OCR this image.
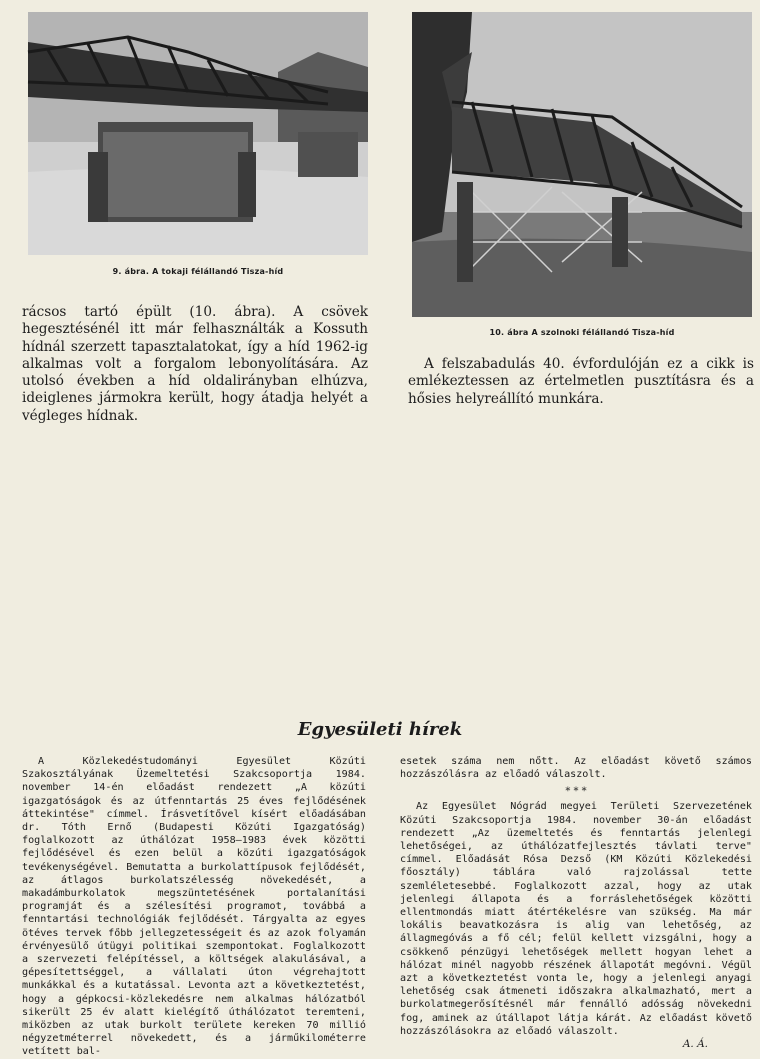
9. ábra. A tokaji félállandó Tisza-híd
10. ábra A szolnoki félállandó Tisza-híd
rácsos tartó épült (10. ábra). A csövek hegesztésénél itt már felhasználták a Kossuth hídnál szerzett tapasztalatokat, így a híd 1962-ig alkalmas volt a forgalom lebonyolítására. Az utolsó években a híd oldalirányban elhúzva, ideiglenes jármokra került, hogy átadja helyét a végleges hídnak.
A felszabadulás 40. évfordulóján ez a cikk is emlékeztessen az értelmetlen pusztításra és a hősies helyreállító munkára.
Egyesületi hírek
A Közlekedéstudományi Egyesület Közúti Szakosztályának Üzemeltetési Szakcsoportja 1984. november 14-én előadást rendezett „A közúti igazgatóságok és az útfenntartás 25 éves fejlődésének áttekintése" címmel. Írásvetítővel kísért előadásában dr. Tóth Ernő (Budapesti Közúti Igazgatóság) foglalkozott az úthálózat 1958—1983 évek közötti fejlődésével és ezen belül a közúti igazgatóságok tevékenységével. Bemutatta a burkolattípusok fejlődését, az átlagos burkolatszélesség növekedését, a makadámburkolatok megszüntetésének portalanítási programját és a szélesítési programot, továbbá a fenntartási technológiák fejlődését. Tárgyalta az egyes ötéves tervek főbb jellegzetességeit és az azok folyamán érvényesülő útügyi politikai szempontokat. Foglalkozott a szervezeti felépítéssel, a költségek alakulásával, a gépesítettséggel, a vállalati úton végrehajtott munkákkal és a kutatással. Levonta azt a következtetést, hogy a gépkocsi-közlekedésre nem alkalmas hálózatból sikerült 25 év alatt kielégítő úthálózatot teremteni, miközben az utak burkolt területe kereken 70 millió négyzetméterrel növekedett, és a járműkilométerre vetített bal-
esetek száma nem nőtt. Az előadást követő számos hozzászólásra az előadó válaszolt.
* * *
Az Egyesület Nógrád megyei Területi Szervezetének Közúti Szakcsoportja 1984. november 30-án előadást rendezett „Az üzemeltetés és fenntartás jelenlegi lehetőségei, az úthálózatfejlesztés távlati terve" címmel. Előadását Rósa Dezső (KM Közúti Közlekedési főosztály) táblára való rajzolással tette szemléletesebbé. Foglalkozott azzal, hogy az utak jelenlegi állapota és a forráslehetőségek közötti ellentmondás miatt átértékelésre van szükség. Ma már lokális beavatkozásra is alig van lehetőség, az állagmegóvás a fő cél; felül kellett vizsgálni, hogy a csökkenő pénzügyi lehetőségek mellett hogyan lehet a hálózat minél nagyobb részének állapotát megóvni. Végül azt a következtetést vonta le, hogy a jelenlegi anyagi lehetőség csak átmeneti időszakra alkalmazható, mert a burkolatmegerősítésnél már fennálló adósság növekedni fog, aminek az útállapot látja kárát. Az előadást követő hozzászólásokra az előadó válaszolt.
A. Á.
